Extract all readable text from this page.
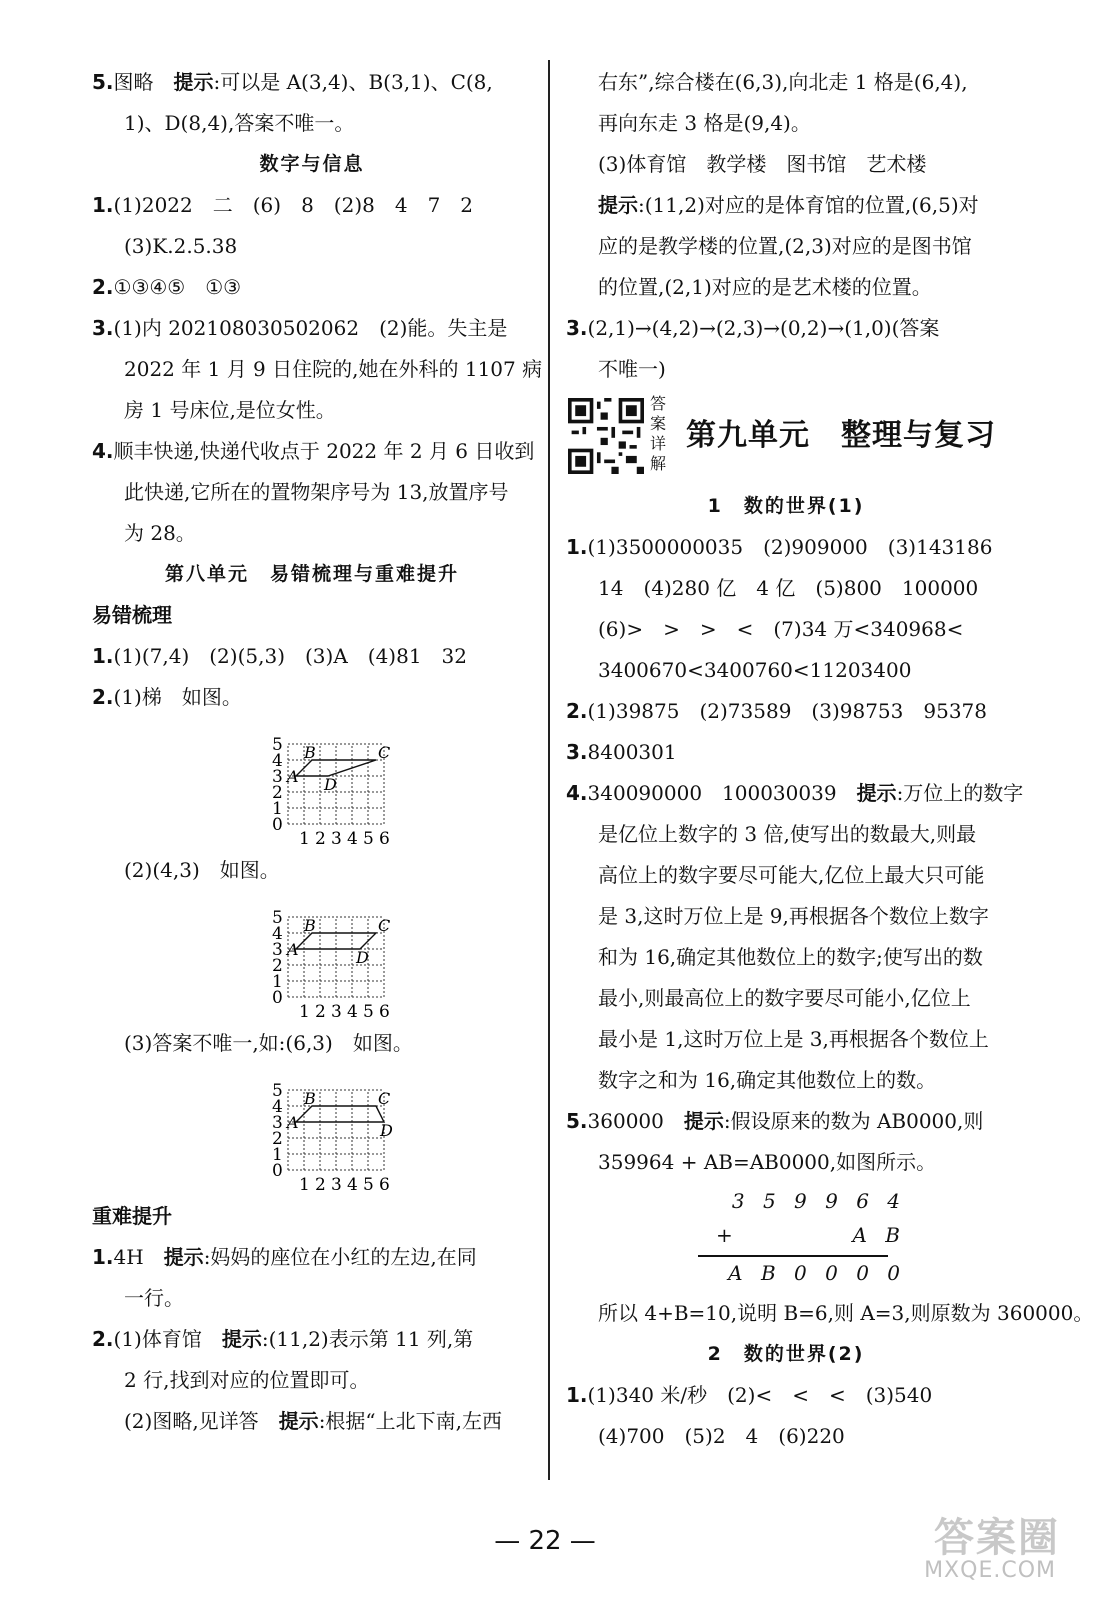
5.图略　提示:可以是 A(3,4)、B(3,1)、C(8,
1)、D(8,4),答案不唯一。
数字与信息
1.(1)2022　二　(6)　8　(2)8　4　7　2
(3)K.2.5.38
2.①③④⑤　①③
3.(1)内 202108030502062　(2)能。失主是
2022 年 1 月 9 日住院的,她在外科的 1107 病
房 1 号床位,是位女性。
4.顺丰快递,快递代收点于 2022 年 2 月 6 日收到
此快递,它所在的置物架序号为 13,放置序号
为 28。
第八单元　易错梳理与重难提升
易错梳理
1.(1)(7,4)　(2)(5,3)　(3)A　(4)81　32
2.(1)梯　如图。
5
4
3
2
1
0
1 2 3 4 5 6
A
B	C
D
(2)(4,3)　如图。
5
4
3
2
1
0
1 2 3 4 5 6
A
B	C
D
(3)答案不唯一,如:(6,3)　如图。
5
4
3
2
1
0
1 2 3 4 5 6
A
B	C
D
重难提升
1.4H　提示:妈妈的座位在小红的左边,在同
一行。
2.(1)体育馆　提示:(11,2)表示第 11 列,第
2 行,找到对应的位置即可。
(2)图略,见详答　提示:根据“上北下南,左西
右东”,综合楼在(6,3),向北走 1 格是(6,4),
再向东走 3 格是(9,4)。
(3)体育馆　教学楼　图书馆　艺术楼
提示:(11,2)对应的是体育馆的位置,(6,5)对
应的是教学楼的位置,(2,3)对应的是图书馆
的位置,(2,1)对应的是艺术楼的位置。
3.(2,1)→(4,2)→(2,3)→(0,2)→(1,0)(答案
不唯一)
答案详解
第九单元　整理与复习
1　数的世界(1)
1.(1)3500000035　(2)909000　(3)143186
14　(4)280 亿　4 亿　(5)800　100000
(6)>　>　>　<　(7)34 万<340968<
3400670<3400760<11203400
2.(1)39875　(2)73589　(3)98753　95378
3.8400301
4.340090000　100030039　提示:万位上的数字
是亿位上数字的 3 倍,使写出的数最大,则最
高位上的数字要尽可能大,亿位上最大只可能
是 3,这时万位上是 9,再根据各个数位上数字
和为 16,确定其他数位上的数字;使写出的数
最小,则最高位上的数字要尽可能小,亿位上
最小是 1,这时万位上是 3,再根据各个数位上
数字之和为 16,确定其他数位上的数。
5.360000　提示:假设原来的数为 AB0000,则
359964 + AB=AB0000,如图所示。
3 5 9 9 6 4
+	A B
A B 0 0 0 0
所以 4+B=10,说明 B=6,则 A=3,则原数为 360000。
2　数的世界(2)
1.(1)340 米/秒　(2)<　<　<　(3)540
(4)700　(5)2　4　(6)220
— 22 —	答案圈
MXQE.COM
